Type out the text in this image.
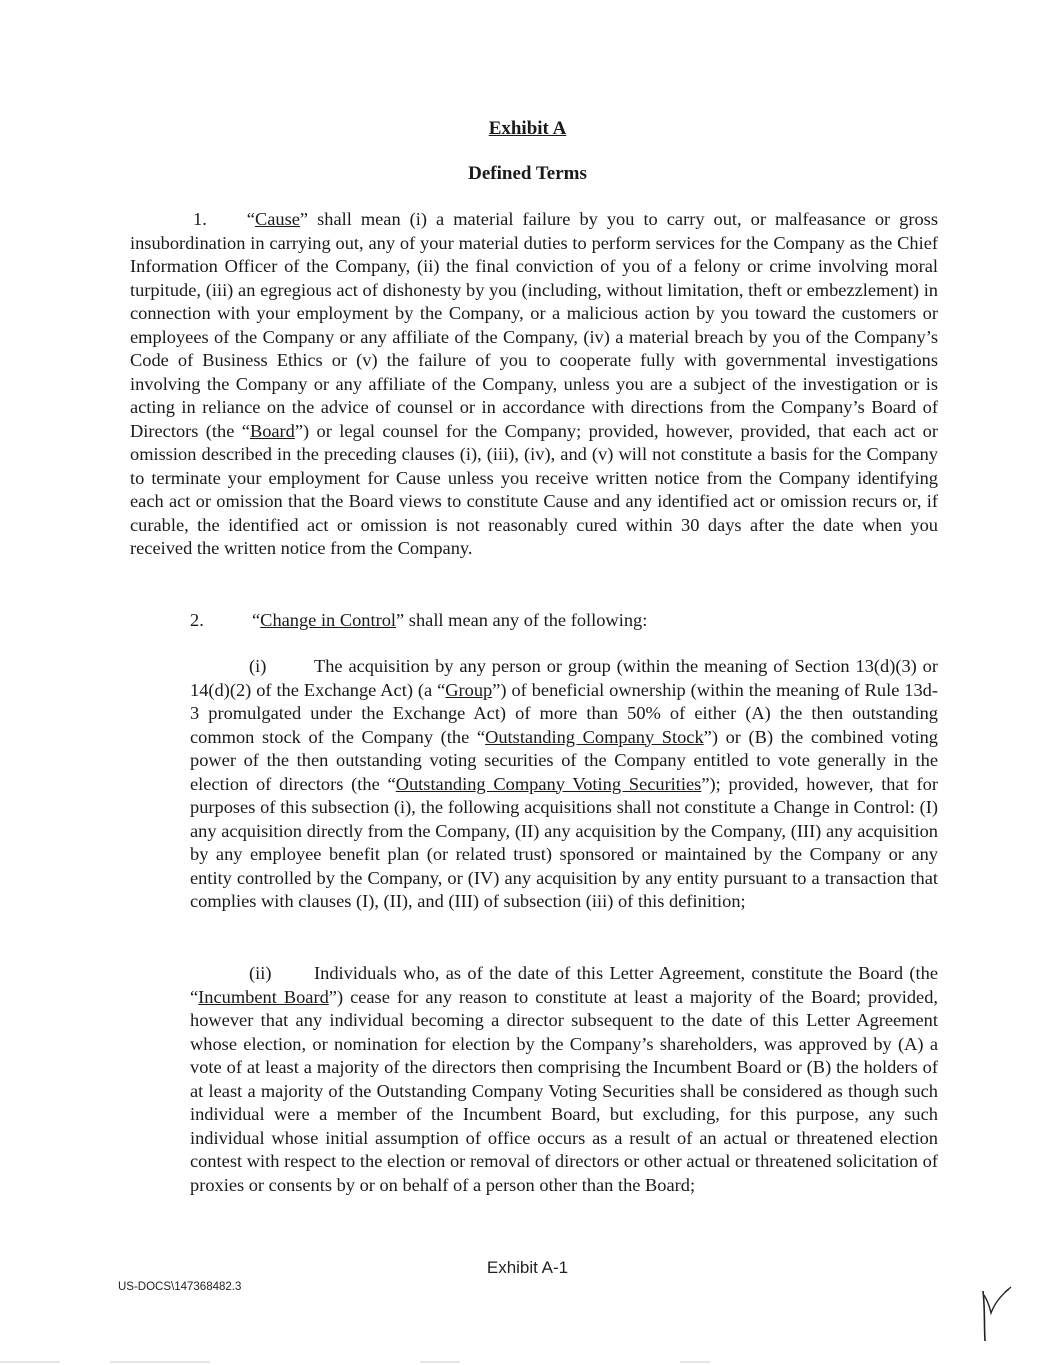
Exhibit A
Defined Terms
1. “Cause” shall mean (i) a material failure by you to carry out, or malfeasance or gross insubordination in carrying out, any of your material duties to perform services for the Company as the Chief Information Officer of the Company, (ii) the final conviction of you of a felony or crime involving moral turpitude, (iii) an egregious act of dishonesty by you (including, without limitation, theft or embezzlement) in connection with your employment by the Company, or a malicious action by you toward the customers or employees of the Company or any affiliate of the Company, (iv) a material breach by you of the Company’s Code of Business Ethics or (v) the failure of you to cooperate fully with governmental investigations involving the Company or any affiliate of the Company, unless you are a subject of the investigation or is acting in reliance on the advice of counsel or in accordance with directions from the Company’s Board of Directors (the “Board”) or legal counsel for the Company; provided, however, provided, that each act or omission described in the preceding clauses (i), (iii), (iv), and (v) will not constitute a basis for the Company to terminate your employment for Cause unless you receive written notice from the Company identifying each act or omission that the Board views to constitute Cause and any identified act or omission recurs or, if curable, the identified act or omission is not reasonably cured within 30 days after the date when you received the written notice from the Company.
2.	“Change in Control” shall mean any of the following:
(i)	The acquisition by any person or group (within the meaning of Section 13(d)(3) or 14(d)(2) of the Exchange Act) (a “Group”) of beneficial ownership (within the meaning of Rule 13d-3 promulgated under the Exchange Act) of more than 50% of either (A) the then outstanding common stock of the Company (the “Outstanding Company Stock”) or (B) the combined voting power of the then outstanding voting securities of the Company entitled to vote generally in the election of directors (the “Outstanding Company Voting Securities”); provided, however, that for purposes of this subsection (i), the following acquisitions shall not constitute a Change in Control: (I) any acquisition directly from the Company, (II) any acquisition by the Company, (III) any acquisition by any employee benefit plan (or related trust) sponsored or maintained by the Company or any entity controlled by the Company, or (IV) any acquisition by any entity pursuant to a transaction that complies with clauses (I), (II), and (III) of subsection (iii) of this definition;
(ii) Individuals who, as of the date of this Letter Agreement, constitute the Board (the “Incumbent Board”) cease for any reason to constitute at least a majority of the Board; provided, however that any individual becoming a director subsequent to the date of this Letter Agreement whose election, or nomination for election by the Company’s shareholders, was approved by (A) a vote of at least a majority of the directors then comprising the Incumbent Board or (B) the holders of at least a majority of the Outstanding Company Voting Securities shall be considered as though such individual were a member of the Incumbent Board, but excluding, for this purpose, any such individual whose initial assumption of office occurs as a result of an actual or threatened election contest with respect to the election or removal of directors or other actual or threatened solicitation of proxies or consents by or on behalf of a person other than the Board;
Exhibit A-1
US-DOCS\147368482.3
